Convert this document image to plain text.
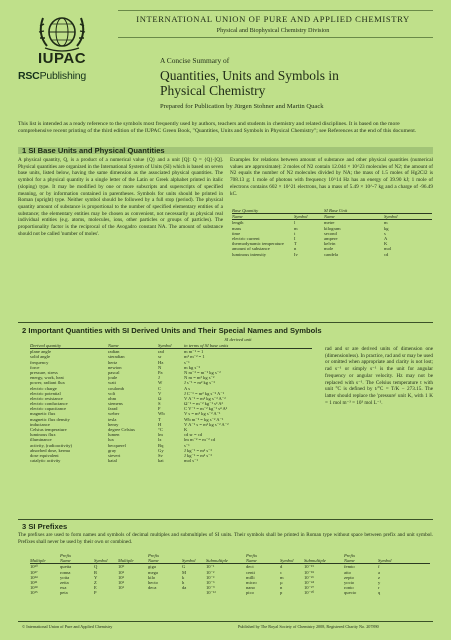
INTERNATIONAL UNION OF PURE AND APPLIED CHEMISTRY
Physical and Biophysical Chemistry Division
IUPAC
RSCPublishing
A Concise Summary of
Quantities, Units and Symbols in
Physical Chemistry
Prepared for Publication by Jürgen Stohner and Martin Quack
This list is intended as a ready reference to the symbols most frequently used by authors, teachers and students in chemistry and related disciplines. It is based on the more comprehensive recent printing of the third edition of the IUPAC Green Book, "Quantities, Units and Symbols in Physical Chemistry"; see References at the end of this document.
1 SI Base Units and Physical Quantities
A physical quantity, Q, is a product of a numerical value {Q} and a unit [Q]: Q = {Q}·[Q]. Physical quantities are organized in the International System of Units (SI) which is based on seven base units, listed below, having the same dimension as the associated physical quantities. The symbol for a physical quantity is a single letter of the Latin or Greek alphabet printed in italic (sloping) type. It may be modified by one or more subscripts and superscripts of specified meaning, or by information contained in parentheses. Symbols for units should be printed in Roman (upright) type. Neither symbol should be followed by a full stop (period). The physical quantity amount of substance is proportional to the number of specified elementary entities of a substance; the elementary entities may be chosen as convenient, not necessarily as physical real individual entities (e.g. atoms, molecules, ions, other particles or groups of particles). The proportionality factor is the reciprocal of the Avogadro constant NA. The amount of substance should not be called 'number of moles'.
Examples for relations between amount of substance and other physical quantities (numerical values are approximate): 2 moles of N2 contain 12.044 × 10^23 molecules of N2; the amount of N2 equals the number of N2 molecules divided by NA; the mass of 1.5 moles of Hg2Cl2 is 708.13 g; 1 mole of photons with frequency 10^14 Hz has an energy of 39.90 kJ; 1 mole of electrons contains 602 × 10^21 electrons, has a mass of 5.49 × 10^-7 kg and a charge of -96.49 kC.
Base Quantity	SI Base Unit
Name	Symbol	Name	Symbol
length	l	metre	m
mass	m	kilogram	kg
time	t	second	s
electric current	I	ampere	A
thermodynamic temperature	T	kelvin	K
amount of substance	n	mole	mol
luminous intensity	Iv	candela	cd
2 Important Quantities with SI Derived Units and Their Special Names and Symbols
SI derived unit
Derived quantity	Name	Symbol	in terms of SI base units
plane angle	radian	rad	m m⁻¹ = 1
solid angle	steradian	sr	m² m⁻² = 1
frequency	hertz	Hz	s⁻¹
force	newton	N	m kg s⁻²
pressure, stress	pascal	Pa	N m⁻² = m⁻¹ kg s⁻²
energy, work, heat	joule	J	N m = m² kg s⁻²
power, radiant flux	watt	W	J s⁻¹ = m² kg s⁻³
electric charge	coulomb	C	A s
electric potential	volt	V	J C⁻¹ = m² kg s⁻³ A⁻¹
electric resistance	ohm	Ω	V A⁻¹ = m² kg s⁻³ A⁻²
electric conductance	siemens	S	Ω⁻¹ = m⁻² kg⁻¹ s³ A²
electric capacitance	farad	F	C V⁻¹ = m⁻² kg⁻¹ s⁴ A²
magnetic flux	weber	Wb	V s = m² kg s⁻² A⁻¹
magnetic flux density	tesla	T	Wb m⁻² = kg s⁻² A⁻¹
inductance	henry	H	V A⁻¹ s = m² kg s⁻² A⁻²
Celsius temperature	degree Celsius	°C	K
luminous flux	lumen	lm	cd sr = cd
illuminance	lux	lx	lm m⁻² = m⁻² cd
activity, (radioactivity)	becquerel	Bq	s⁻¹
absorbed dose, kerma	gray	Gy	J kg⁻¹ = m² s⁻²
dose equivalent	sievert	Sv	J kg⁻¹ = m² s⁻²
catalytic activity	katal	kat	mol s⁻¹
rad and sr are derived units of dimension one (dimensionless). In practice, rad and sr may be used or omitted when appropriate and clarity is not lost; rad s⁻¹ or simply s⁻¹ is the unit for angular frequency or angular velocity. Hz may not be replaced with s⁻¹. The Celsius temperature t with unit °C is defined by t/°C = T/K − 273.15. The latter should replace the 'pressure' unit K, with 1 K = 1 mol m⁻³ = 10³ mol L⁻¹.
3 SI Prefixes
The prefixes are used to form names and symbols of decimal multiples and submultiples of SI units. Their symbols shall be printed in Roman type without space between prefix and unit symbol. Prefixes shall never be used by their own or combined.
Prefix	Prefix	Prefix	Prefix
Multiple	Name	Symbol	Multiple	Name	Symbol	Submultiple	Name	Symbol	Submultiple	Name	Symbol
10³⁰	quetta	Q	10⁹	giga	G	10⁻¹	deci	d	10⁻¹⁵	femto	f
10²⁷	ronna	R	10⁶	mega	M	10⁻²	centi	c	10⁻¹⁸	atto	a
10²⁴	yotta	Y	10³	kilo	k	10⁻³	milli	m	10⁻²¹	zepto	z
10²¹	zetta	Z	10²	hecto	h	10⁻⁶	micro	µ	10⁻²⁴	yocto	y
10¹⁸	exa	E	10¹	deca	da	10⁻⁹	nano	n	10⁻²⁷	ronto	r
10¹⁵	peta	P	10⁻¹²	pico	p	10⁻³⁰	quecto	q
© International Union of Pure and Applied Chemistry	Published by The Royal Society of Chemistry 2008, Registered Charity No. 207890
